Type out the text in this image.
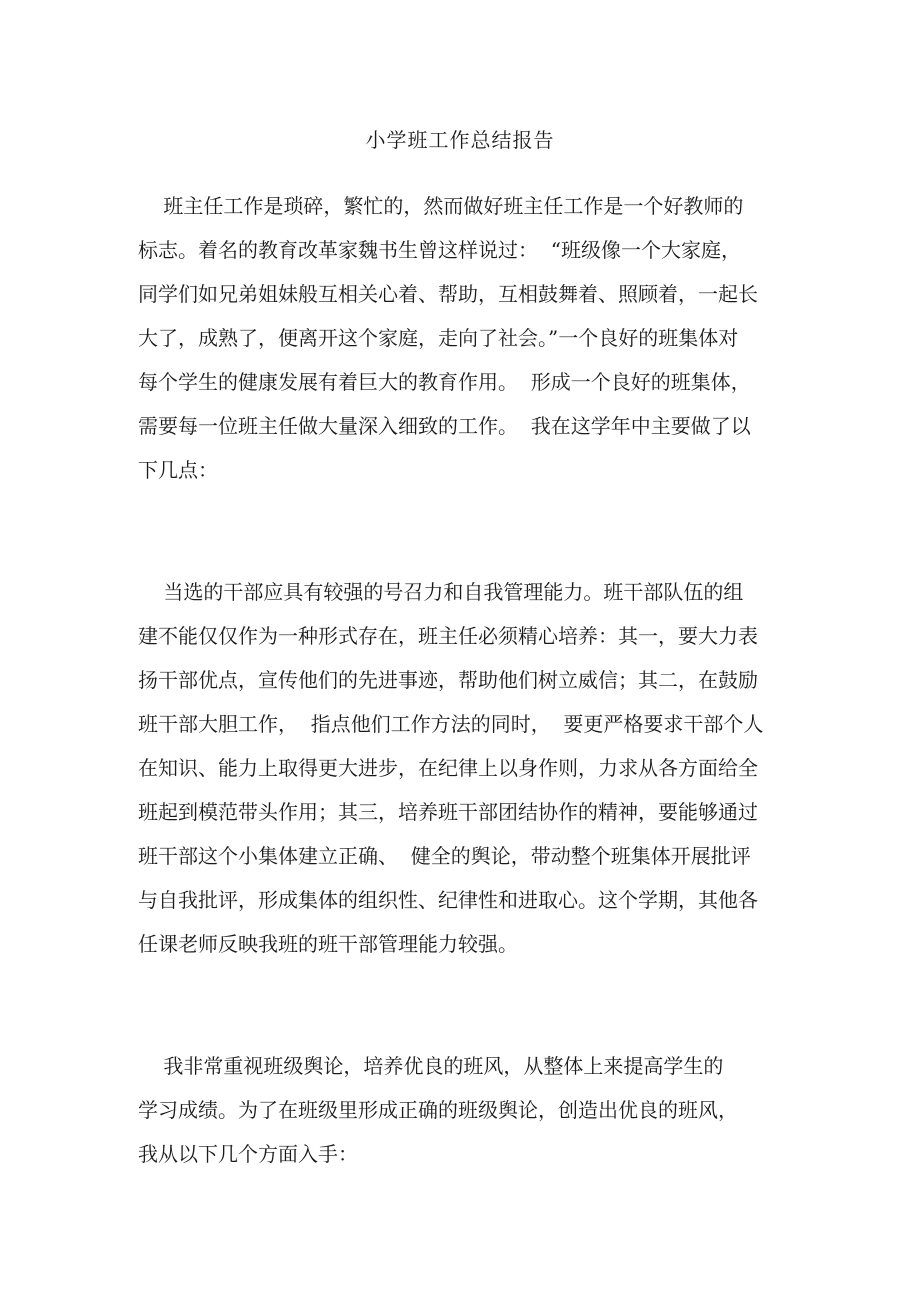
小学班工作总结报告
班主任工作是琐碎，繁忙的，然而做好班主任工作是一个好教师的
标志。着名的教育改革家魏书生曾这样说过：  “班级像一个大家庭，
同学们如兄弟姐妹般互相关心着、帮助，互相鼓舞着、照顾着，一起长
大了，成熟了，便离开这个家庭，走向了社会。”一个良好的班集体对
每个学生的健康发展有着巨大的教育作用。  形成一个良好的班集体，
需要每一位班主任做大量深入细致的工作。  我在这学年中主要做了以
下几点：
当选的干部应具有较强的号召力和自我管理能力。班干部队伍的组
建不能仅仅作为一种形式存在，班主任必须精心培养：其一，要大力表
扬干部优点，宣传他们的先进事迹，帮助他们树立威信；其二，在鼓励
班干部大胆工作，  指点他们工作方法的同时，  要更严格要求干部个人
在知识、能力上取得更大进步，在纪律上以身作则，力求从各方面给全
班起到模范带头作用；其三，培养班干部团结协作的精神，要能够通过
班干部这个小集体建立正确、  健全的舆论，带动整个班集体开展批评
与自我批评，形成集体的组织性、纪律性和进取心。这个学期，其他各
任课老师反映我班的班干部管理能力较强。
我非常重视班级舆论，培养优良的班风，从整体上来提高学生的
学习成绩。为了在班级里形成正确的班级舆论，创造出优良的班风，
我从以下几个方面入手：
